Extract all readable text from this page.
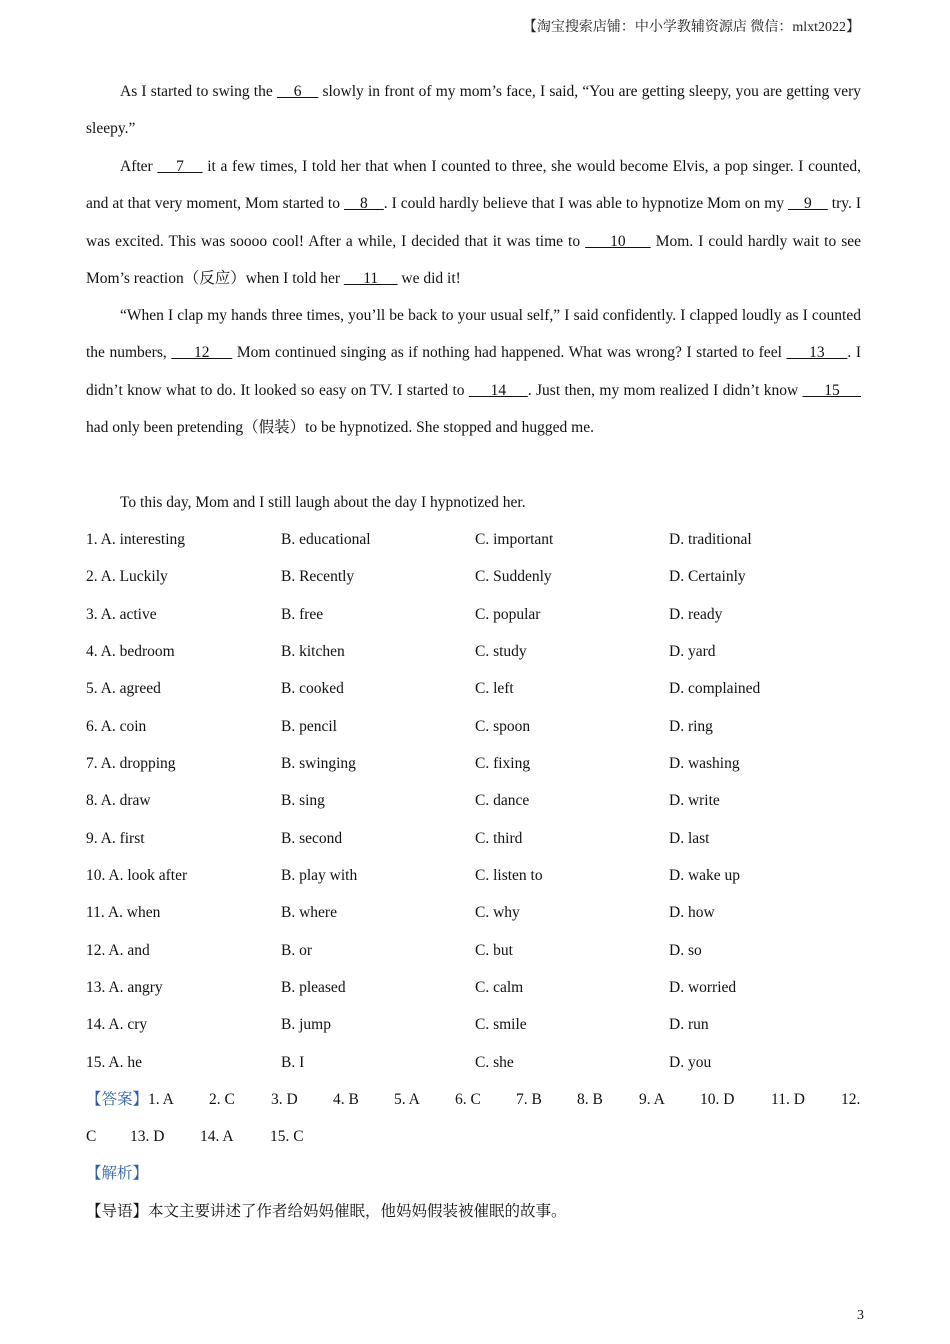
【淘宝搜索店铺：中小学教辅资源店 微信：mlxt2022】
As I started to swing the     6     slowly in front of my mom’s face, I said, “You are getting sleepy, you are getting very sleepy.”
After     7     it a few times, I told her that when I counted to three, she would become Elvis, a pop singer. I counted, and at that very moment, Mom started to     8    . I could hardly believe that I was able to hypnotize Mom on my     9     try. I was excited. This was soooo cool! After a while, I decided that it was time to      10      Mom. I could hardly wait to see Mom’s reaction（反应）when I told her      11      we did it!
“When I clap my hands three times, you’ll be back to your usual self,” I said confidently. I clapped loudly as I counted the numbers,      12      Mom continued singing as if nothing had happened. What was wrong? I started to feel      13     . I didn’t know what to do. It looked so easy on TV. I started to      14     . Just then, my mom realized I didn’t know      15      had only been pretending（假装）to be hypnotized. She stopped and hugged me.
To this day, Mom and I still laugh about the day I hypnotized her.
1. A. interesting	B. educational	C. important	D. traditional
2. A. Luckily	B. Recently	C. Suddenly	D. Certainly
3. A. active	B. free	C. popular	D. ready
4. A. bedroom	B. kitchen	C. study	D. yard
5. A. agreed	B. cooked	C. left	D. complained
6. A. coin	B. pencil	C. spoon	D. ring
7. A. dropping	B. swinging	C. fixing	D. washing
8. A. draw	B. sing	C. dance	D. write
9. A. first	B. second	C. third	D. last
10. A. look after	B. play with	C. listen to	D. wake up
11. A. when	B. where	C. why	D. how
12. A. and	B. or	C. but	D. so
13. A. angry	B. pleased	C. calm	D. worried
14. A. cry	B. jump	C. smile	D. run
15. A. he	B. I	C. she	D. you
【答案】1. A 2. C 3. D 4. B 5. A 6. C 7. B 8. B 9. A 10. D 11. D 12.
C 13. D 14. A 15. C
【解析】
【导语】本文主要讲述了作者给妈妈催眠，他妈妈假装被催眠的故事。
3
